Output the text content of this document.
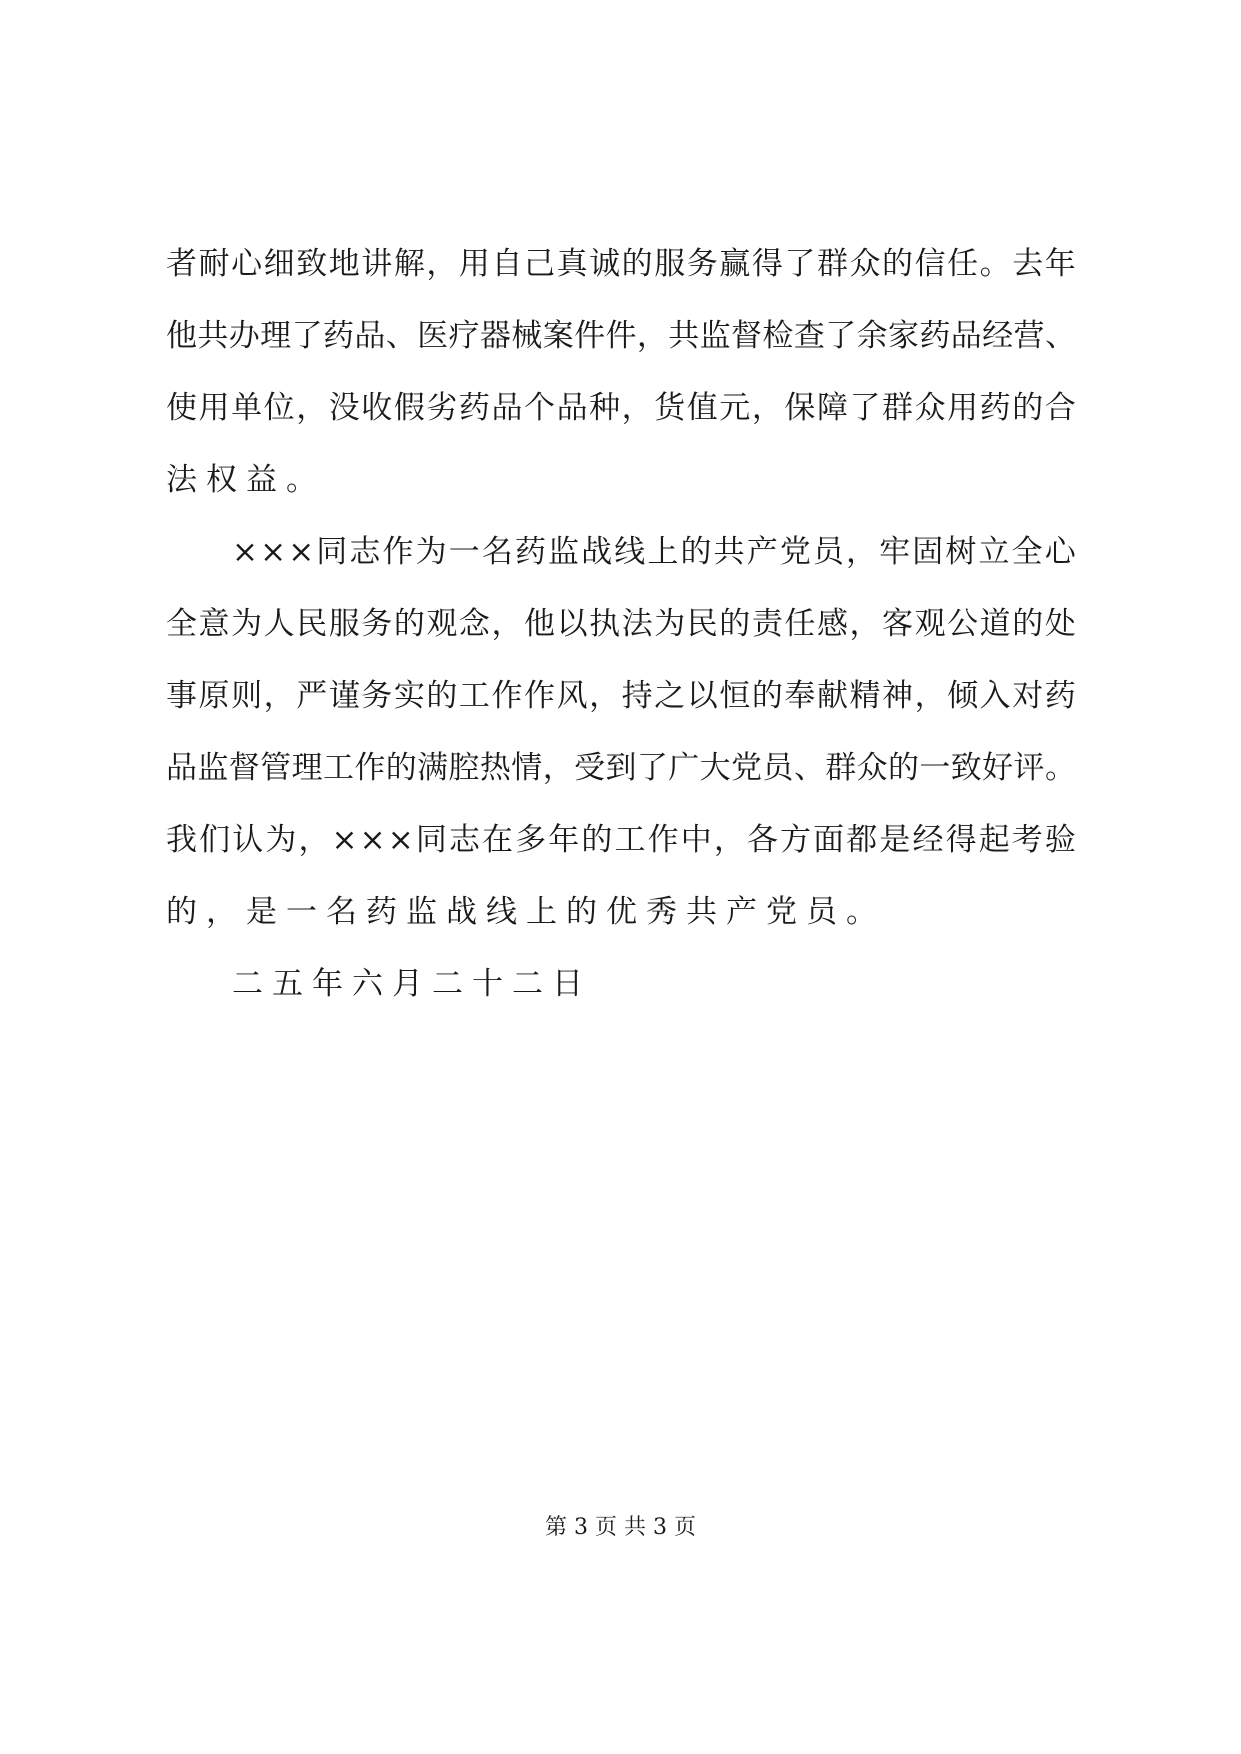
者 耐 心 细 致 地 讲 解 ， 用 自 己 真 诚 的 服 务 赢 得 了 群 众 的 信 任 。 去 年
他 共 办 理 了 药 品 、 医 疗 器 械 案 件 件 ， 共 监 督 检 查 了 余 家 药 品 经 营 、
使 用 单 位 ， 没 收 假 劣 药 品 个 品 种 ， 货 值 元 ， 保 障 了 群 众 用 药 的 合
法 权 益 。
× × × 同 志 作 为 一 名 药 监 战 线 上 的 共 产 党 员 ， 牢 固 树 立 全 心
全 意 为 人 民 服 务 的 观 念 ， 他 以 执 法 为 民 的 责 任 感 ， 客 观 公 道 的 处
事 原 则 ， 严 谨 务 实 的 工 作 作 风 ， 持 之 以 恒 的 奉 献 精 神 ， 倾 入 对 药
品 监 督 管 理 工 作 的 满 腔 热 情 ， 受 到 了 广 大 党 员 、 群 众 的 一 致 好 评 。
我 们 认 为 ， × × × 同 志 在 多 年 的 工 作 中 ， 各 方 面 都 是 经 得 起 考 验
的 ， 是 一 名 药 监 战 线 上 的 优 秀 共 产 党 员 。
二 五 年 六 月 二 十 二 日
第 3 页 共 3 页
